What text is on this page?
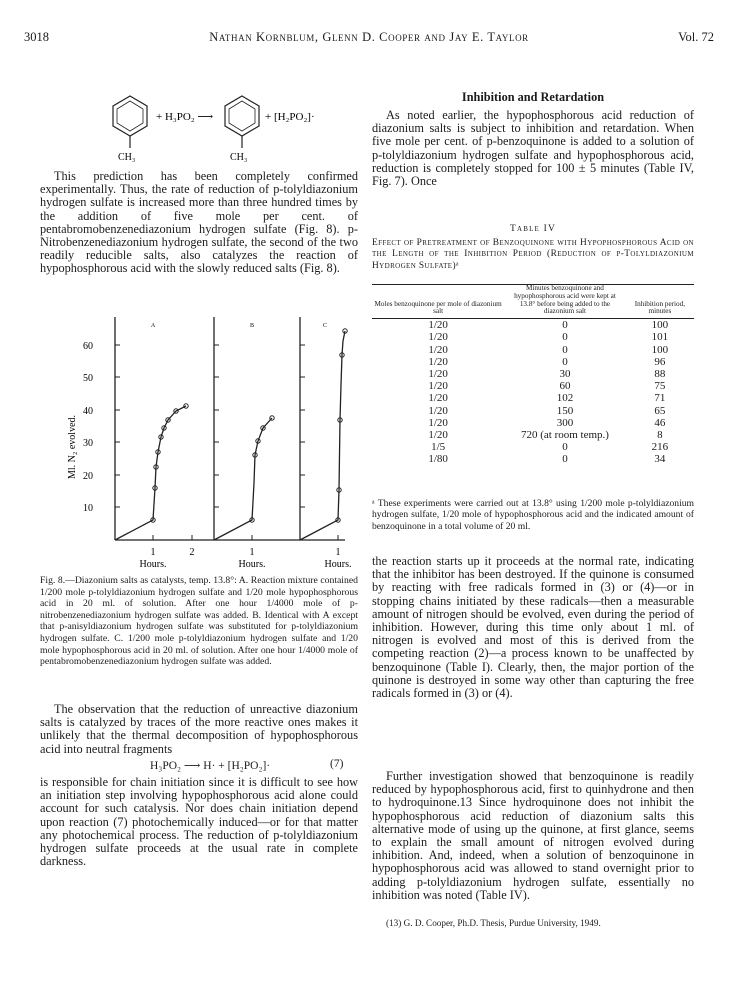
3018	Nathan Kornblum, Glenn D. Cooper and Jay E. Taylor	Vol. 72
CH₃
+ H₃PO₂ ⟶
CH₃
+ [H₂PO₂]·

This prediction has been completely confirmed experimentally. Thus, the rate of reduction of p-tolyldiazonium hydrogen sulfate is increased more than three hundred times by the addition of five mole per cent. of pentabromobenzenediazonium hydrogen sulfate (Fig. 8). p-Nitrobenzenediazonium hydrogen sulfate, the second of the two readily reducible salts, also catalyzes the reaction of hypophosphorous acid with the slowly reduced salts (Fig. 8).

Ml. N₂ evolved.
60
50
40
30
20
10
A	B	C
1	2	1	1
Hours.	Hours.	Hours.

Fig. 8.—Diazonium salts as catalysts, temp. 13.8°: A. Reaction mixture contained 1/200 mole p-tolyldiazonium hydrogen sulfate and 1/20 mole hypophosphorous acid in 20 ml. of solution. After one hour 1/4000 mole of p-nitrobenzenediazonium hydrogen sulfate was added. B. Identical with A except that p-anisyldiazonium hydrogen sulfate was substituted for p-tolyldiazonium hydrogen sulfate. C. 1/200 mole p-tolyldiazonium hydrogen sulfate and 1/20 mole hypophosphorous acid in 20 ml. of solution. After one hour 1/4000 mole of pentabromobenzenediazonium hydrogen sulfate was added.

The observation that the reduction of unreactive diazonium salts is catalyzed by traces of the more reactive ones makes it unlikely that the thermal decomposition of hypophosphorous acid into neutral fragments

H₃PO₂ ⟶ H· + [H₂PO₂]·	(7)

is responsible for chain initiation since it is difficult to see how an initiation step involving hypophosphorous acid alone could account for such catalysis. Nor does chain initiation depend upon reaction (7) photochemically induced—or for that matter any photochemical process. The reduction of p-tolyldiazonium hydrogen sulfate proceeds at the usual rate in complete darkness.

Inhibition and Retardation

As noted earlier, the hypophosphorous acid reduction of diazonium salts is subject to inhibition and retardation. When five mole per cent. of p-benzoquinone is added to a solution of p-tolyldiazonium hydrogen sulfate and hypophosphorous acid, reduction is completely stopped for 100 ± 5 minutes (Table IV, Fig. 7). Once

Table IV
Effect of Pretreatment of Benzoquinone with Hypophosphorous Acid on the Length of the Inhibition Period (Reduction of p-Tolyldiazonium Hydrogen Sulfate)ᵃ
Moles benzoquinone per mole of diazonium salt	Minutes benzoquinone and hypophosphorous acid were kept at 13.8° before being added to the diazonium salt	Inhibition period, minutes
1/20	0	100
1/20	0	101
1/20	0	100
1/20	0	96
1/20	30	88
1/20	60	75
1/20	102	71
1/20	150	65
1/20	300	46
1/20	720 (at room temp.)	8
1/5	0	216
1/80	0	34
ᵃ These experiments were carried out at 13.8° using 1/200 mole p-tolyldiazonium hydrogen sulfate, 1/20 mole of hypophosphorous acid and the indicated amount of benzoquinone in a total volume of 20 ml.

the reaction starts up it proceeds at the normal rate, indicating that the inhibitor has been destroyed. If the quinone is consumed by reacting with free radicals formed in (3) or (4)—or in stopping chains initiated by these radicals—then a measurable amount of nitrogen should be evolved, even during the period of inhibition. However, during this time only about 1 ml. of nitrogen is evolved and most of this is derived from the competing reaction (2)—a process known to be unaffected by benzoquinone (Table I). Clearly, then, the major portion of the quinone is destroyed in some way other than capturing the free radicals formed in (3) or (4).

Further investigation showed that benzoquinone is readily reduced by hypophosphorous acid, first to quinhydrone and then to hydroquinone.13 Since hydroquinone does not inhibit the hypophosphorous acid reduction of diazonium salts this alternative mode of using up the quinone, at first glance, seems to explain the small amount of nitrogen evolved during inhibition. And, indeed, when a solution of benzoquinone in hypophosphorous acid was allowed to stand overnight prior to adding p-tolyldiazonium hydrogen sulfate, essentially no inhibition was noted (Table IV).

(13) G. D. Cooper, Ph.D. Thesis, Purdue University, 1949.
